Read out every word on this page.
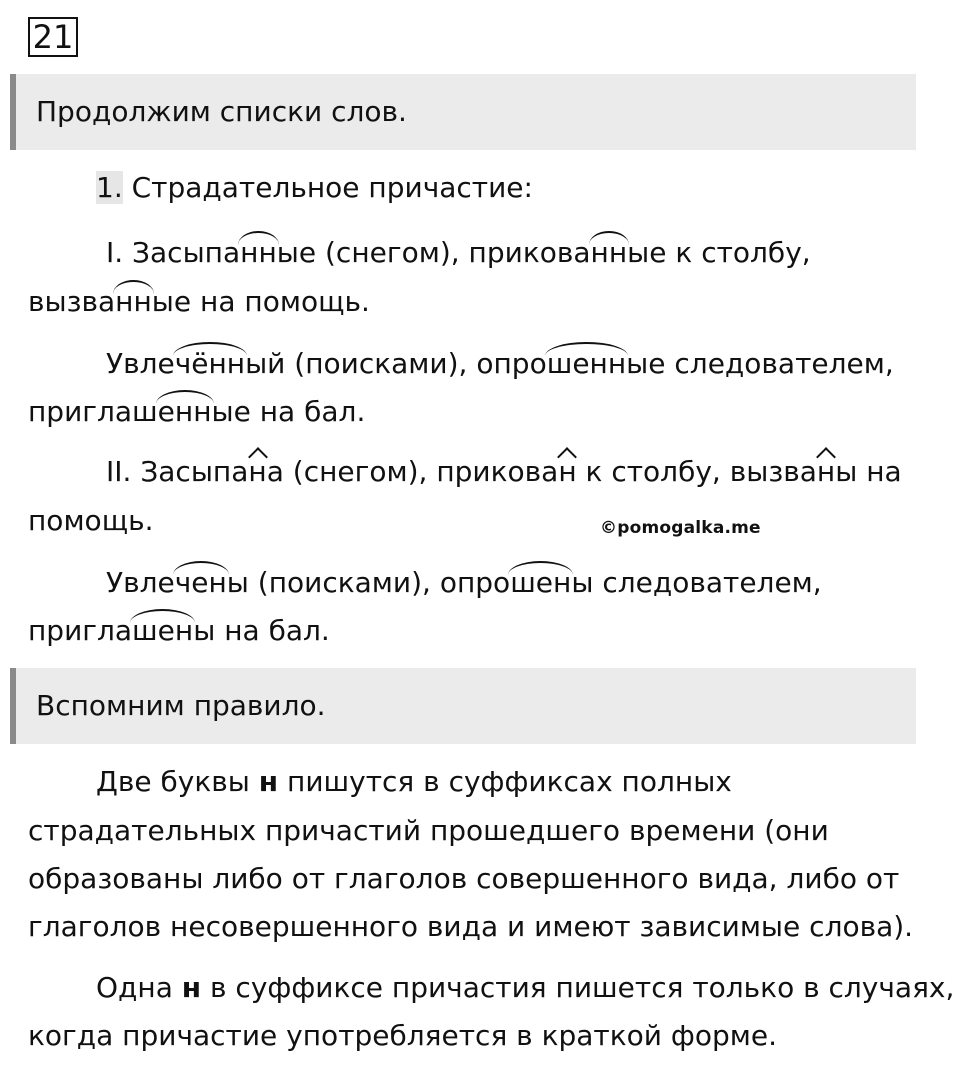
21
Продолжим списки слов.
1. Страдательное причастие:
I. Засыпанные (снегом), прикованные к столбу,
вызванные на помощь.
Увлечённый (поисками), опрошенные следователем,
приглашенные на бал.
II. Засыпана (снегом), прикован к столбу, вызваны на
помощь.	©pomogalka.me
Увлечены (поисками), опрошены следователем,
приглашены на бал.
Вспомним правило.
Две буквы н пишутся в суффиксах полных
страдательных причастий прошедшего времени (они
образованы либо от глаголов совершенного вида, либо от
глаголов несовершенного вида и имеют зависимые слова).
Одна н в суффиксе причастия пишется только в случаях,
когда причастие употребляется в краткой форме.
